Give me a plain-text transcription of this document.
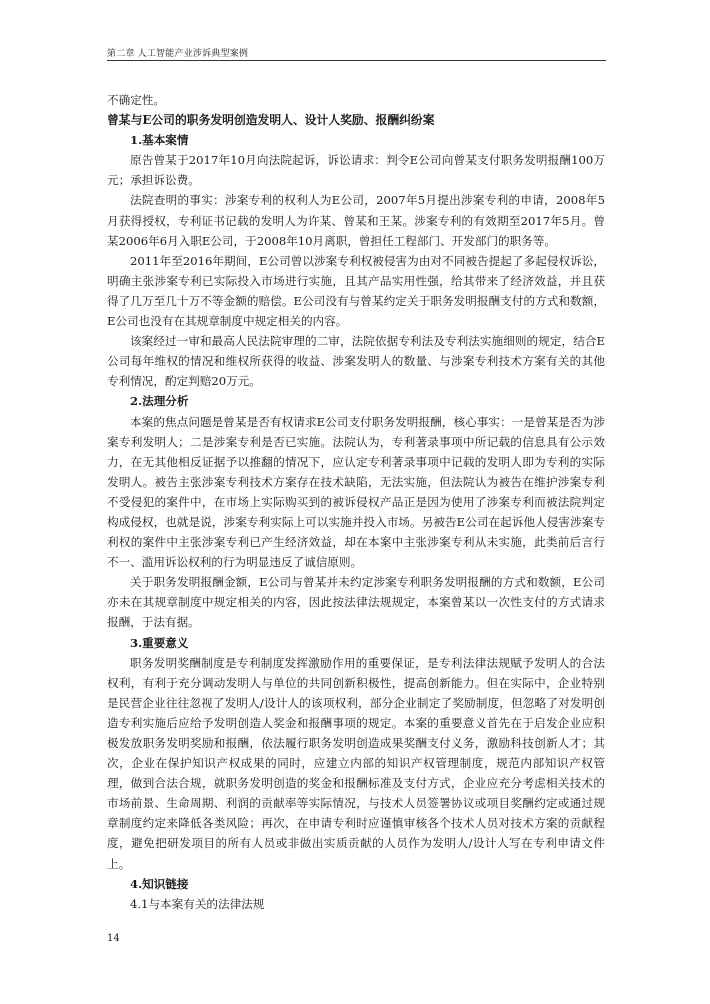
第二章 人工智能产业涉诉典型案例

不确定性。

曾某与E公司的职务发明创造发明人、设计人奖励、报酬纠纷案

1.基本案情

原告曾某于2017年10月向法院起诉，诉讼请求：判令E公司向曾某支付职务发明报酬100万元；承担诉讼费。

法院查明的事实：涉案专利的权利人为E公司，2007年5月提出涉案专利的申请，2008年5月获得授权，专利证书记载的发明人为许某、曾某和王某。涉案专利的有效期至2017年5月。曾某2006年6月入职E公司，于2008年10月离职，曾担任工程部门、开发部门的职务等。

2011年至2016年期间，E公司曾以涉案专利权被侵害为由对不同被告提起了多起侵权诉讼，明确主张涉案专利已实际投入市场进行实施，且其产品实用性强，给其带来了经济效益，并且获得了几万至几十万不等金额的赔偿。E公司没有与曾某约定关于职务发明报酬支付的方式和数额，E公司也没有在其规章制度中规定相关的内容。

该案经过一审和最高人民法院审理的二审，法院依据专利法及专利法实施细则的规定，结合E公司每年维权的情况和维权所获得的收益、涉案发明人的数量、与涉案专利技术方案有关的其他专利情况，酌定判赔20万元。

2.法理分析

本案的焦点问题是曾某是否有权请求E公司支付职务发明报酬，核心事实：一是曾某是否为涉案专利发明人；二是涉案专利是否已实施。法院认为，专利著录事项中所记载的信息具有公示效力，在无其他相反证据予以推翻的情况下，应认定专利著录事项中记载的发明人即为专利的实际发明人。被告主张涉案专利技术方案存在技术缺陷，无法实施，但法院认为被告在维护涉案专利不受侵犯的案件中，在市场上实际购买到的被诉侵权产品正是因为使用了涉案专利而被法院判定构成侵权，也就是说，涉案专利实际上可以实施并投入市场。另被告E公司在起诉他人侵害涉案专利权的案件中主张涉案专利已产生经济效益，却在本案中主张涉案专利从未实施，此类前后言行不一、滥用诉讼权利的行为明显违反了诚信原则。

关于职务发明报酬金额，E公司与曾某并未约定涉案专利职务发明报酬的方式和数额，E公司亦未在其规章制度中规定相关的内容，因此按法律法规规定，本案曾某以一次性支付的方式请求报酬，于法有据。

3.重要意义

职务发明奖酬制度是专利制度发挥激励作用的重要保证，是专利法律法规赋予发明人的合法权利，有利于充分调动发明人与单位的共同创新积极性，提高创新能力。但在实际中，企业特别是民营企业往往忽视了发明人/设计人的该项权利，部分企业制定了奖励制度，但忽略了对发明创造专利实施后应给予发明创造人奖金和报酬事项的规定。本案的重要意义首先在于启发企业应积极发放职务发明奖励和报酬，依法履行职务发明创造成果奖酬支付义务，激励科技创新人才；其次，企业在保护知识产权成果的同时，应建立内部的知识产权管理制度，规范内部知识产权管理，做到合法合规，就职务发明创造的奖金和报酬标准及支付方式，企业应充分考虑相关技术的市场前景、生命周期、利润的贡献率等实际情况，与技术人员签署协议或项目奖酬约定或通过规章制度约定来降低各类风险；再次，在申请专利时应谨慎审核各个技术人员对技术方案的贡献程度，避免把研发项目的所有人员或非做出实质贡献的人员作为发明人/设计人写在专利申请文件上。

4.知识链接

4.1与本案有关的法律法规

14
